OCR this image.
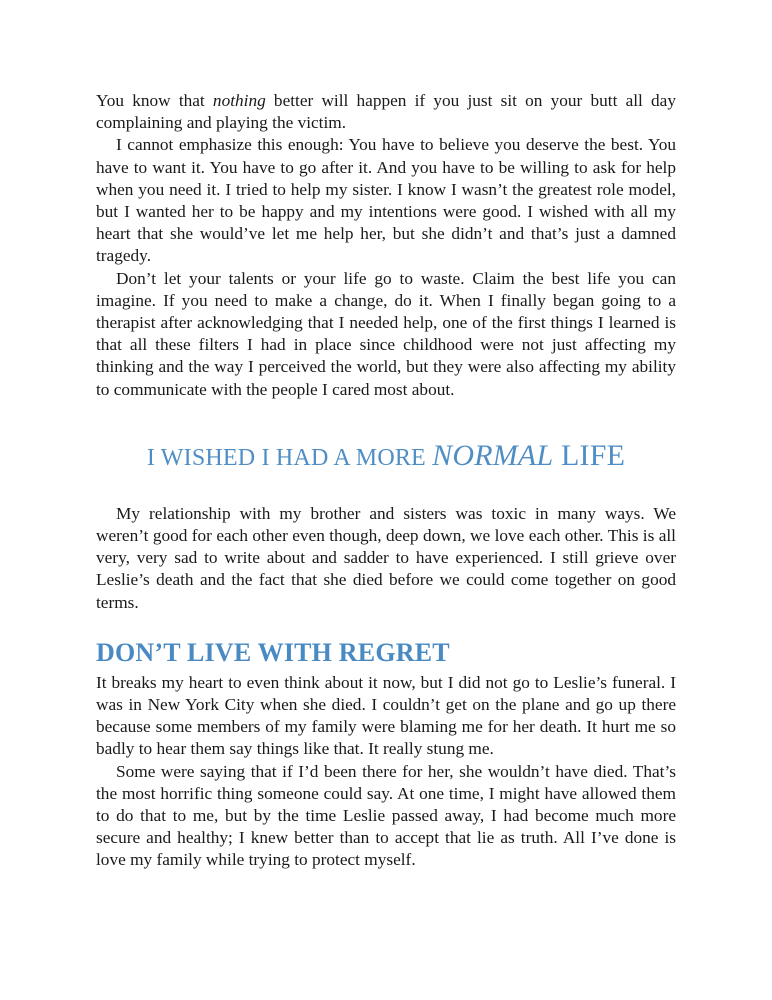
You know that nothing better will happen if you just sit on your butt all day complaining and playing the victim.

I cannot emphasize this enough: You have to believe you deserve the best. You have to want it. You have to go after it. And you have to be willing to ask for help when you need it. I tried to help my sister. I know I wasn’t the greatest role model, but I wanted her to be happy and my intentions were good. I wished with all my heart that she would’ve let me help her, but she didn’t and that’s just a damned tragedy.

Don’t let your talents or your life go to waste. Claim the best life you can imagine. If you need to make a change, do it. When I finally began going to a therapist after acknowledging that I needed help, one of the first things I learned is that all these filters I had in place since childhood were not just affecting my thinking and the way I perceived the world, but they were also affecting my ability to communicate with the people I cared most about.

I WISHED I HAD A MORE NORMAL LIFE

My relationship with my brother and sisters was toxic in many ways. We weren’t good for each other even though, deep down, we love each other. This is all very, very sad to write about and sadder to have experienced. I still grieve over Leslie’s death and the fact that she died before we could come together on good terms.

DON’T LIVE WITH REGRET

It breaks my heart to even think about it now, but I did not go to Leslie’s funeral. I was in New York City when she died. I couldn’t get on the plane and go up there because some members of my family were blaming me for her death. It hurt me so badly to hear them say things like that. It really stung me.

Some were saying that if I’d been there for her, she wouldn’t have died. That’s the most horrific thing someone could say. At one time, I might have allowed them to do that to me, but by the time Leslie passed away, I had become much more secure and healthy; I knew better than to accept that lie as truth. All I’ve done is love my family while trying to protect myself.
